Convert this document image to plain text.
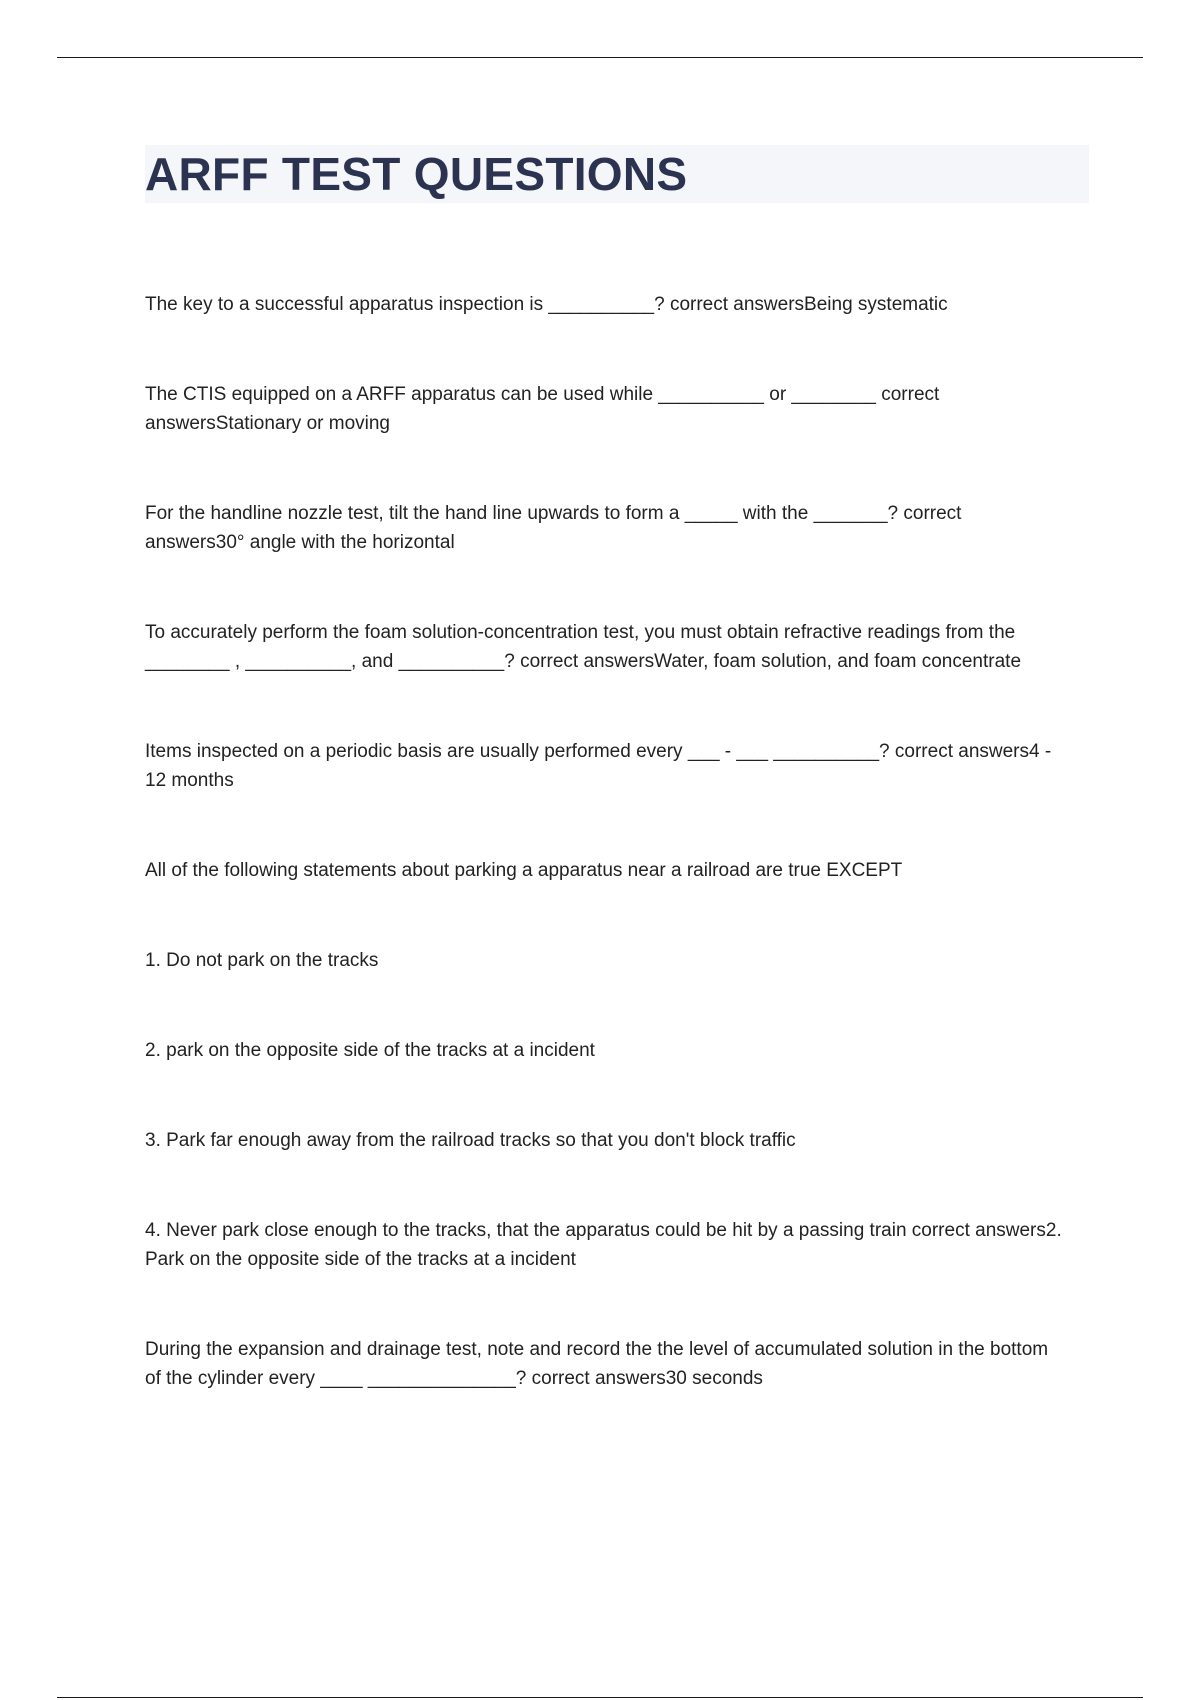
ARFF TEST QUESTIONS

The key to a successful apparatus inspection is __________? correct answersBeing systematic

The CTIS equipped on a ARFF apparatus can be used while __________ or ________ correct answersStationary or moving

For the handline nozzle test, tilt the hand line upwards to form a _____ with the _______? correct answers30° angle with the horizontal

To accurately perform the foam solution-concentration test, you must obtain refractive readings from the ________ , __________, and __________? correct answersWater, foam solution, and foam concentrate

Items inspected on a periodic basis are usually performed every ___ - ___ __________? correct answers4 - 12 months

All of the following statements about parking a apparatus near a railroad are true EXCEPT

1. Do not park on the tracks

2. park on the opposite side of the tracks at a incident

3. Park far enough away from the railroad tracks so that you don't block traffic

4. Never park close enough to the tracks, that the apparatus could be hit by a passing train correct answers2. Park on the opposite side of the tracks at a incident

During the expansion and drainage test, note and record the the level of accumulated solution in the bottom of the cylinder every ____ ______________? correct answers30 seconds
